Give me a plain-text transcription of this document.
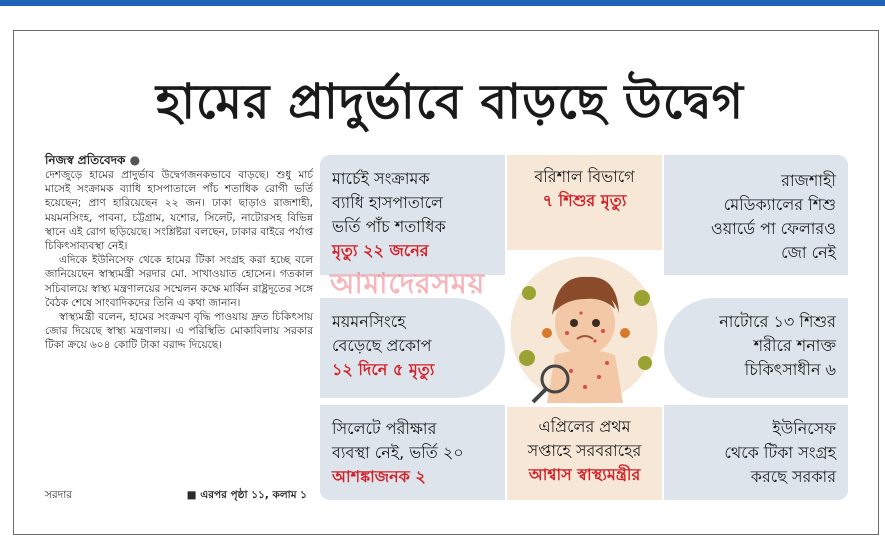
হামের প্রাদুর্ভাবে বাড়ছে উদ্বেগ
নিজস্ব প্রতিবেদক ●

দেশজুড়ে হামের প্রাদুর্ভাব উদ্বেগজনকভাবে বাড়ছে। শুধু মার্চ মাসেই সংক্রামক ব্যাধি হাসপাতালে পাঁচ শতাধিক রোগী ভর্তি হয়েছেন; প্রাণ হারিয়েছেন ২২ জন। ঢাকা ছাড়াও রাজশাহী, ময়মনসিংহ, পাবনা, চট্টগ্রাম, যশোর, সিলেট, নাটোরসহ বিভিন্ন স্থানে এই রোগ ছড়িয়েছে। সংশ্লিষ্টরা বলছেন, ঢাকার বাইরে পর্যাপ্ত চিকিৎসাব্যবস্থা নেই।

এদিকে ইউনিসেফ থেকে হামের টিকা সংগ্রহ করা হচ্ছে বলে জানিয়েছেন স্বাস্থ্যমন্ত্রী সরদার মো. সাখাওয়াত হোসেন। গতকাল সচিবালয়ে স্বাস্থ্য মন্ত্রণালয়ের সম্মেলন কক্ষে মার্কিন রাষ্ট্রদূতের সঙ্গে বৈঠক শেষে সাংবাদিকদের তিনি এ কথা জানান।

স্বাস্থ্যমন্ত্রী বলেন, হামের সংক্রমণ বৃদ্ধি পাওয়ায় দ্রুত চিকিৎসায় জোর দিয়েছে স্বাস্থ্য মন্ত্রণালয়। এ পরিস্থিতি মোকাবিলায় সরকার টিকা ক্রয়ে ৬০৪ কোটি টাকা বরাদ্দ দিয়েছে।

সরদার	■ এরপর পৃষ্ঠা ১১, কলাম ১
মার্চেই সংক্রামক
ব্যাধি হাসপাতালে
ভর্তি পাঁচ শতাধিক
মৃত্যু ২২ জনের
বরিশাল বিভাগে
৭ শিশুর মৃত্যু
রাজশাহী
মেডিক্যালের শিশু
ওয়ার্ডে পা ফেলারও
জো নেই
ময়মনসিংহে
বেড়েছে প্রকোপ
১২ দিনে ৫ মৃত্যু
নাটোরে ১৩ শিশুর
শরীরে শনাক্ত
চিকিৎসাধীন ৬
সিলেটে পরীক্ষার
ব্যবস্থা নেই, ভর্তি ২০
আশঙ্কাজনক ২
এপ্রিলের প্রথম
সপ্তাহে সরবরাহের
আশ্বাস স্বাস্থ্যমন্ত্রীর
ইউনিসেফ
থেকে টিকা সংগ্রহ
করছে সরকার
আমাদেরসময়
